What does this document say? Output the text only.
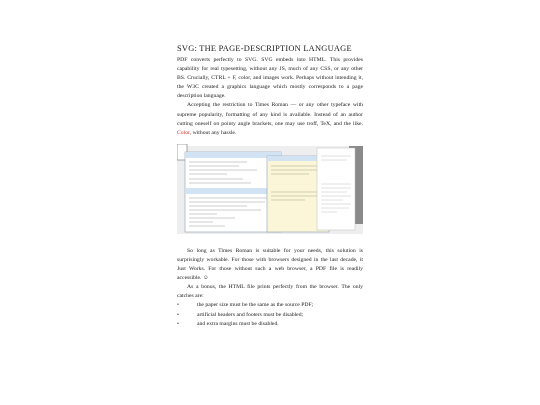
SVG: THE PAGE-DESCRIPTION LANGUAGE

PDF converts perfectly to SVG. SVG embeds into HTML. This provides capability for real typesetting, without any JS, much of any CSS, or any other BS. Crucially, CTRL + F, color, and images work. Perhaps without intending it, the W3C created a graphics language which mostly corresponds to a page description language.

Accepting the restriction to Times Roman — or any other typeface with supreme popularity, formatting of any kind is available. Instead of an author cutting oneself on pointy angle brackets, one may use troff, TeX, and the like. Color, without any hassle.

So long as Times Roman is suitable for your needs, this solution is surprisingly workable. For those with browsers designed in the last decade, it Just Works. For those without such a web browser, a PDF file is readily accessible. ☺

As a bonus, the HTML file prints perfectly from the browser. The only catches are:

•	the paper size must be the same as the source PDF;
•	artificial headers and footers must be disabled;
•	and extra margins must be disabled.
